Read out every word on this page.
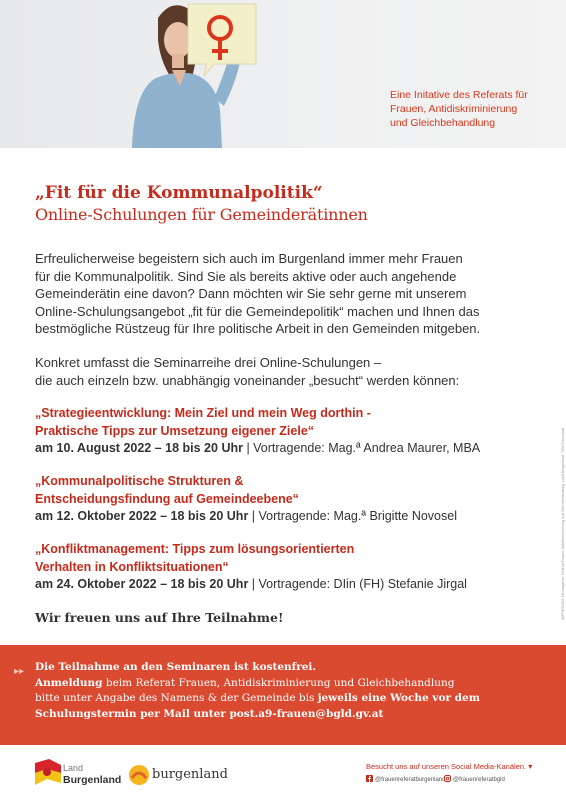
Eine Initative des Referats für
Frauen, Antidiskriminierung
und Gleichbehandlung
„Fit für die Kommunalpolitik“
Online-Schulungen für Gemeinderätinnen
Erfreulicherweise begeistern sich auch im Burgenland immer mehr Frauen
für die Kommunalpolitik. Sind Sie als bereits aktive oder auch angehende
Gemeinderätin eine davon? Dann möchten wir Sie sehr gerne mit unserem
Online-Schulungsangebot „fit für die Gemeindepolitik“ machen und Ihnen das
bestmögliche Rüstzeug für Ihre politische Arbeit in den Gemeinden mitgeben.
Konkret umfasst die Seminarreihe drei Online-Schulungen –
die auch einzeln bzw. unabhängig voneinander „besucht“ werden können:
„Strategieentwicklung: Mein Ziel und mein Weg dorthin -
Praktische Tipps zur Umsetzung eigener Ziele“
am 10. August 2022 – 18 bis 20 Uhr | Vortragende: Mag.ª Andrea Maurer, MBA
„Kommunalpolitische Strukturen &
Entscheidungsfindung auf Gemeindeebene“
am 12. Oktober 2022 – 18 bis 20 Uhr | Vortragende: Mag.ª Brigitte Novosel
„Konfliktmanagement: Tipps zum lösungsorientierten
Verhalten in Konfliktsituationen“
am 24. Oktober 2022 – 18 bis 20 Uhr | Vortragende: DIin (FH) Stefanie Jirgal
Wir freuen uns auf Ihre Teilnahme!	IMPRESSUM: Herausgeber: Referat Frauen, Antidiskriminierung und Gleichbehandlung, Land Burgenland, 7000 Eisenstadt
▸▸ Die Teilnahme an den Seminaren ist kostenfrei.
Anmeldung beim Referat Frauen, Antidiskriminierung und Gleichbehandlung
bitte unter Angabe des Namens & der Gemeinde bis jeweils eine Woche vor dem
Schulungstermin per Mail unter post.a9-frauen@bgld.gv.at
Land
Burgenland burgenland
Besucht uns auf unseren Social Media-Kanälen. ▾
@frauenreferatburgenland	@frauenreferatbgld
